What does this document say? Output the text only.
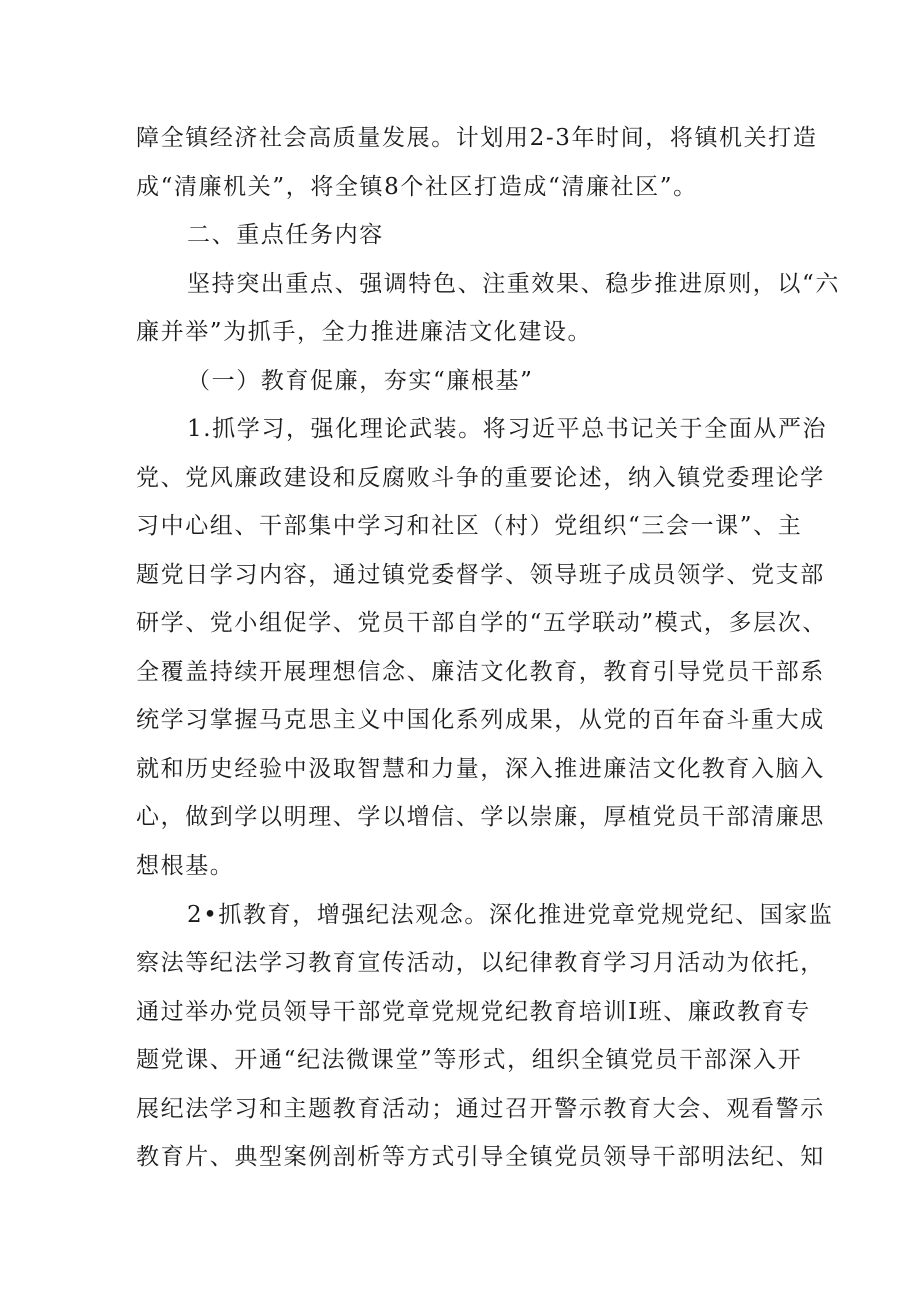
障全镇经济社会高质量发展。计划用2-3年时间，将镇机关打造
成“清廉机关”，将全镇8个社区打造成“清廉社区”。
二、重点任务内容
坚持突出重点、强调特色、注重效果、稳步推进原则，以“六
廉并举”为抓手，全力推进廉洁文化建设。
（一）教育促廉，夯实“廉根基”
1.抓学习，强化理论武装。将习近平总书记关于全面从严治
党、党风廉政建设和反腐败斗争的重要论述，纳入镇党委理论学
习中心组、干部集中学习和社区（村）党组织“三会一课”、主
题党日学习内容，通过镇党委督学、领导班子成员领学、党支部
研学、党小组促学、党员干部自学的“五学联动”模式，多层次、
全覆盖持续开展理想信念、廉洁文化教育，教育引导党员干部系
统学习掌握马克思主义中国化系列成果，从党的百年奋斗重大成
就和历史经验中汲取智慧和力量，深入推进廉洁文化教育入脑入
心，做到学以明理、学以增信、学以崇廉，厚植党员干部清廉思
想根基。
2•抓教育，增强纪法观念。深化推进党章党规党纪、国家监
察法等纪法学习教育宣传活动，以纪律教育学习月活动为依托，
通过举办党员领导干部党章党规党纪教育培训I班、廉政教育专
题党课、开通“纪法微课堂”等形式，组织全镇党员干部深入开
展纪法学习和主题教育活动；通过召开警示教育大会、观看警示
教育片、典型案例剖析等方式引导全镇党员领导干部明法纪、知
